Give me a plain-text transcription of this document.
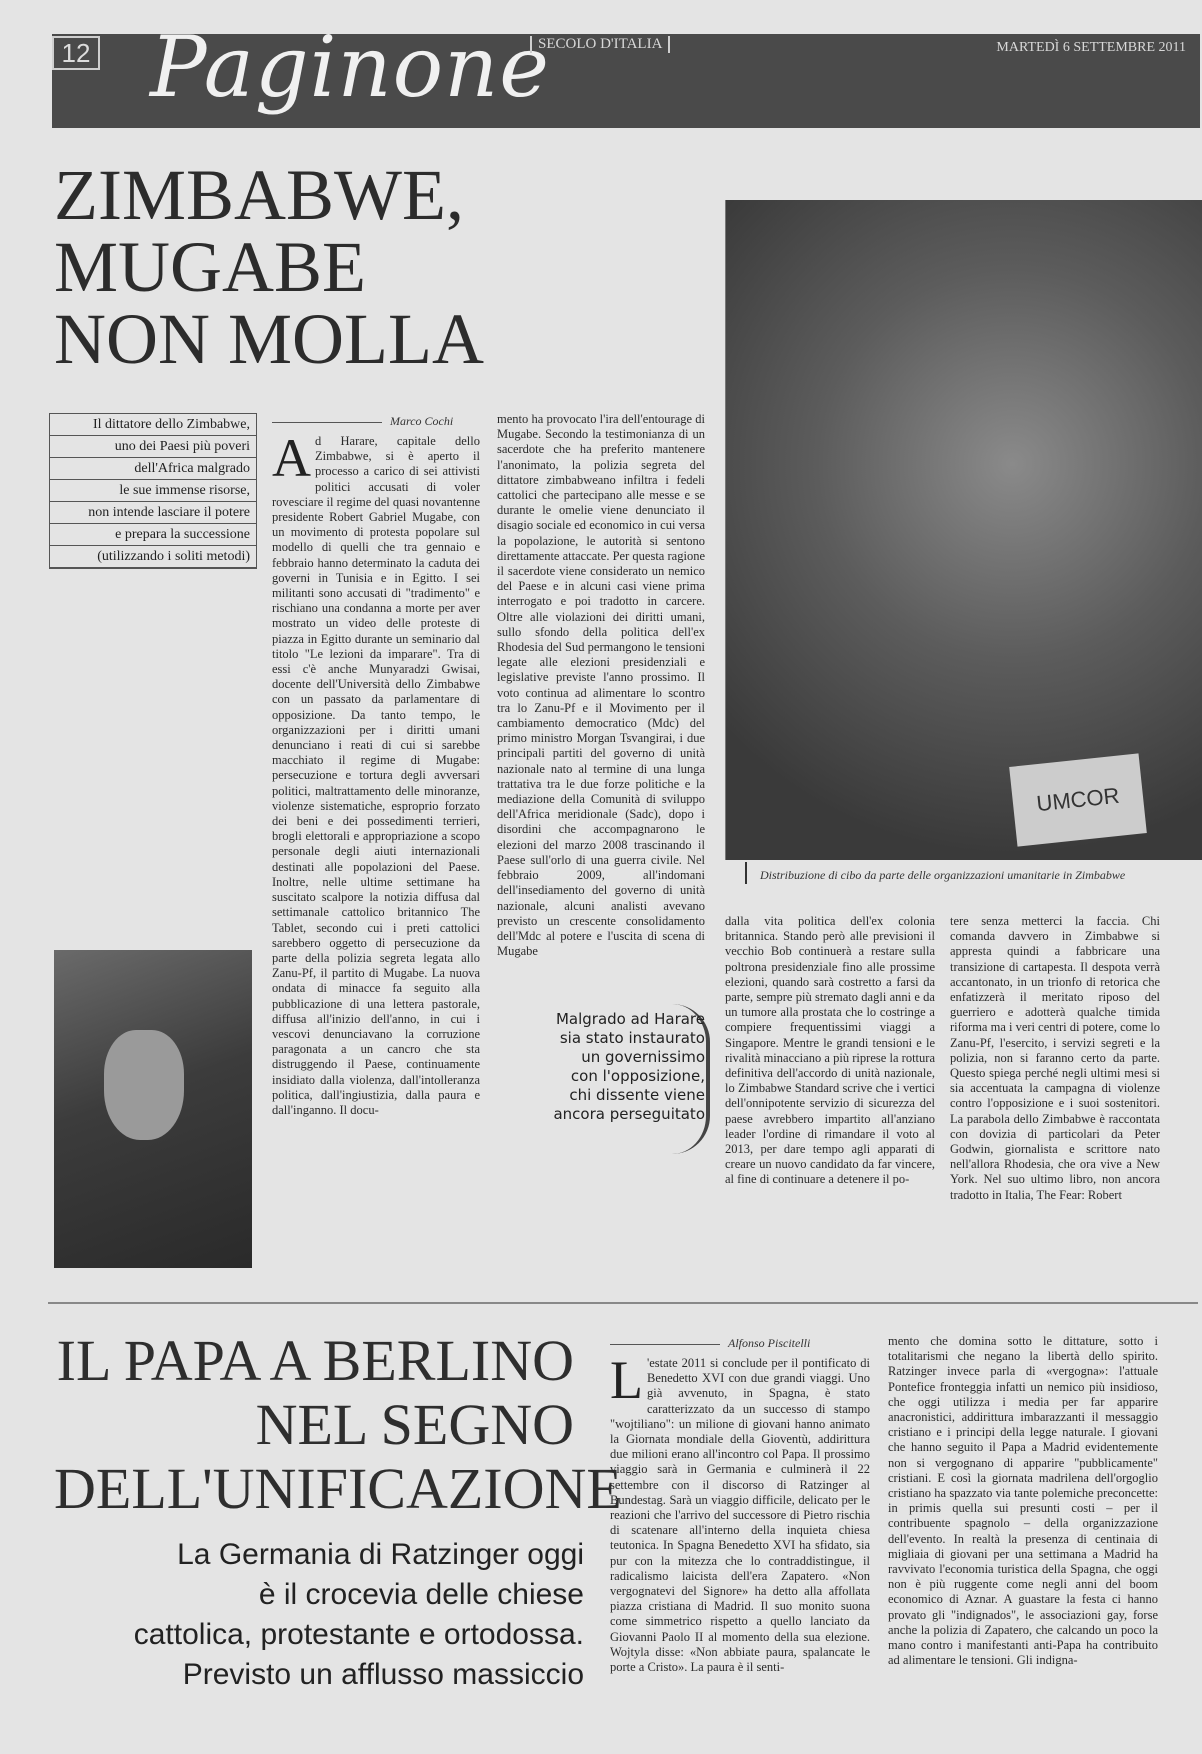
12 Paginone
SECOLO D'ITALIA	MARTEDÌ 6 SETTEMBRE 2011
ZIMBABWE,
MUGABE
NON MOLLA
Il dittatore dello Zimbabwe,
uno dei Paesi più poveri
dell'Africa malgrado
le sue immense risorse,
non intende lasciare il potere
e prepara la successione
(utilizzando i soliti metodi)
UMCOR
Distribuzione di cibo da parte delle organizzazioni umanitarie in Zimbabwe
Marco Cochi
Ad Harare, capitale dello Zimbabwe, si è aperto il processo a carico di sei attivisti politici accusati di voler rovesciare il regime del quasi novantenne presidente Robert Gabriel Mugabe, con un movimento di protesta popolare sul modello di quelli che tra gennaio e febbraio hanno determinato la caduta dei governi in Tunisia e in Egitto. I sei militanti sono accusati di "tradimento" e rischiano una condanna a morte per aver mostrato un video delle proteste di piazza in Egitto durante un seminario dal titolo "Le lezioni da imparare". Tra di essi c'è anche Munyaradzi Gwisai, docente dell'Università dello Zimbabwe con un passato da parlamentare di opposizione. Da tanto tempo, le organizzazioni per i diritti umani denunciano i reati di cui si sarebbe macchiato il regime di Mugabe: persecuzione e tortura degli avversari politici, maltrattamento delle minoranze, violenze sistematiche, esproprio forzato dei beni e dei possedimenti terrieri, brogli elettorali e appropriazione a scopo personale degli aiuti internazionali destinati alle popolazioni del Paese. Inoltre, nelle ultime settimane ha suscitato scalpore la notizia diffusa dal settimanale cattolico britannico The Tablet, secondo cui i preti cattolici sarebbero oggetto di persecuzione da parte della polizia segreta legata allo Zanu-Pf, il partito di Mugabe. La nuova ondata di minacce fa seguito alla pubblicazione di una lettera pastorale, diffusa all'inizio dell'anno, in cui i vescovi denunciavano la corruzione paragonata a un cancro che sta distruggendo il Paese, continuamente insidiato dalla violenza, dall'intolleranza politica, dall'ingiustizia, dalla paura e dall'inganno. Il docu-
mento ha provocato l'ira dell'entourage di Mugabe. Secondo la testimonianza di un sacerdote che ha preferito mantenere l'anonimato, la polizia segreta del dittatore zimbabweano infiltra i fedeli cattolici che partecipano alle messe e se durante le omelie viene denunciato il disagio sociale ed economico in cui versa la popolazione, le autorità si sentono direttamente attaccate. Per questa ragione il sacerdote viene considerato un nemico del Paese e in alcuni casi viene prima interrogato e poi tradotto in carcere. Oltre alle violazioni dei diritti umani, sullo sfondo della politica dell'ex Rhodesia del Sud permangono le tensioni legate alle elezioni presidenziali e legislative previste l'anno prossimo. Il voto continua ad alimentare lo scontro tra lo Zanu-Pf e il Movimento per il cambiamento democratico (Mdc) del primo ministro Morgan Tsvangirai, i due principali partiti del governo di unità nazionale nato al termine di una lunga trattativa tra le due forze politiche e la mediazione della Comunità di sviluppo dell'Africa meridionale (Sadc), dopo i disordini che accompagnarono le elezioni del marzo 2008 trascinando il Paese sull'orlo di una guerra civile. Nel febbraio 2009, all'indomani dell'insediamento del governo di unità nazionale, alcuni analisti avevano previsto un crescente consolidamento dell'Mdc al potere e l'uscita di scena di Mugabe
Malgrado ad Harare
sia stato instaurato
un governissimo
con l'opposizione,
chi dissente viene
ancora perseguitato
dalla vita politica dell'ex colonia britannica. Stando però alle previsioni il vecchio Bob continuerà a restare sulla poltrona presidenziale fino alle prossime elezioni, quando sarà costretto a farsi da parte, sempre più stremato dagli anni e da un tumore alla prostata che lo costringe a compiere frequentissimi viaggi a Singapore. Mentre le grandi tensioni e le rivalità minacciano a più riprese la rottura definitiva dell'accordo di unità nazionale, lo Zimbabwe Standard scrive che i vertici dell'onnipotente servizio di sicurezza del paese avrebbero impartito all'anziano leader l'ordine di rimandare il voto al 2013, per dare tempo agli apparati di creare un nuovo candidato da far vincere, al fine di continuare a detenere il po-
tere senza metterci la faccia. Chi comanda davvero in Zimbabwe si appresta quindi a fabbricare una transizione di cartapesta. Il despota verrà accantonato, in un trionfo di retorica che enfatizzerà il meritato riposo del guerriero e adotterà qualche timida riforma ma i veri centri di potere, come lo Zanu-Pf, l'esercito, i servizi segreti e la polizia, non si faranno certo da parte. Questo spiega perché negli ultimi mesi si sia accentuata la campagna di violenze contro l'opposizione e i suoi sostenitori. La parabola dello Zimbabwe è raccontata con dovizia di particolari da Peter Godwin, giornalista e scrittore nato nell'allora Rhodesia, che ora vive a New York. Nel suo ultimo libro, non ancora tradotto in Italia, The Fear: Robert
IL PAPA A BERLINO
NEL SEGNO
DELL'UNIFICAZIONE
La Germania di Ratzinger oggi
è il crocevia delle chiese
cattolica, protestante e ortodossa.
Previsto un afflusso massiccio
Alfonso Piscitelli
L 'estate 2011 si conclude per il pontificato di Benedetto XVI con due grandi viaggi. Uno già avvenuto, in Spagna, è stato caratterizzato da un successo di stampo "wojtiliano": un milione di giovani hanno animato la Giornata mondiale della Gioventù, addirittura due milioni erano all'incontro col Papa. Il prossimo viaggio sarà in Germania e culminerà il 22 settembre con il discorso di Ratzinger al Bundestag. Sarà un viaggio difficile, delicato per le reazioni che l'arrivo del successore di Pietro rischia di scatenare all'interno della inquieta chiesa teutonica. In Spagna Benedetto XVI ha sfidato, sia pur con la mitezza che lo contraddistingue, il radicalismo laicista dell'era Zapatero. «Non vergognatevi del Signore» ha detto alla affollata piazza cristiana di Madrid. Il suo monito suona come simmetrico rispetto a quello lanciato da Giovanni Paolo II al momento della sua elezione. Wojtyla disse: «Non abbiate paura, spalancate le porte a Cristo». La paura è il senti-
mento che domina sotto le dittature, sotto i totalitarismi che negano la libertà dello spirito. Ratzinger invece parla di «vergogna»: l'attuale Pontefice fronteggia infatti un nemico più insidioso, che oggi utilizza i media per far apparire anacronistici, addirittura imbarazzanti il messaggio cristiano e i principi della legge naturale. I giovani che hanno seguito il Papa a Madrid evidentemente non si vergognano di apparire "pubblicamente" cristiani. E così la giornata madrilena dell'orgoglio cristiano ha spazzato via tante polemiche preconcette: in primis quella sui presunti costi – per il contribuente spagnolo – della organizzazione dell'evento. In realtà la presenza di centinaia di migliaia di giovani per una settimana a Madrid ha ravvivato l'economia turistica della Spagna, che oggi non è più ruggente come negli anni del boom economico di Aznar. A guastare la festa ci hanno provato gli "indignados", le associazioni gay, forse anche la polizia di Zapatero, che calcando un poco la mano contro i manifestanti anti-Papa ha contribuito ad alimentare le tensioni. Gli indigna-
